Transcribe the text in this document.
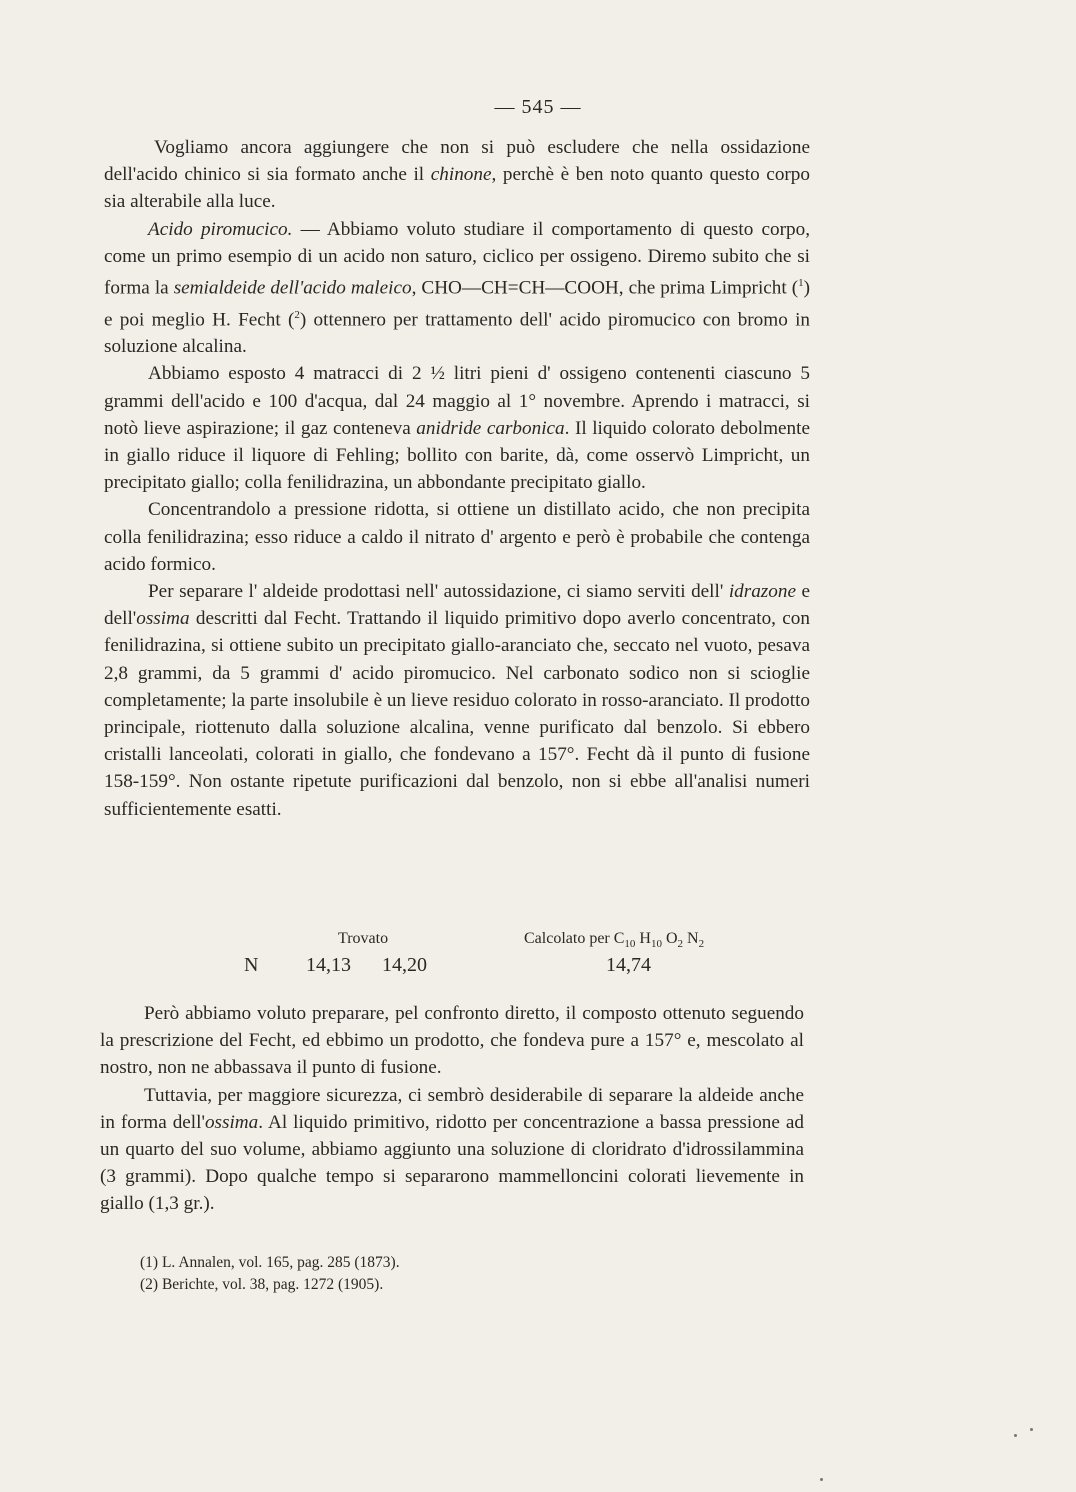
— 545 —

Vogliamo ancora aggiungere che non si può escludere che nella ossidazione dell'acido chinico si sia formato anche il chinone, perchè è ben noto quanto questo corpo sia alterabile alla luce.

Acido piromucico. — Abbiamo voluto studiare il comportamento di questo corpo, come un primo esempio di un acido non saturo, ciclico per ossigeno. Diremo subito che si forma la semialdeide dell'acido maleico, CHO—CH=CH—COOH, che prima Limpricht ($^1$) e poi meglio H. Fecht ($^2$) ottennero per trattamento dell' acido piromucico con bromo in soluzione alcalina.

Abbiamo esposto 4 matracci di 2 ½ litri pieni d' ossigeno contenenti ciascuno 5 grammi dell'acido e 100 d'acqua, dal 24 maggio al 1° novembre. Aprendo i matracci, si notò lieve aspirazione; il gaz conteneva anidride carbonica. Il liquido colorato debolmente in giallo riduce il liquore di Fehling; bollito con barite, dà, come osservò Limpricht, un precipitato giallo; colla fenilidrazina, un abbondante precipitato giallo.

Concentrandolo a pressione ridotta, si ottiene un distillato acido, che non precipita colla fenilidrazina; esso riduce a caldo il nitrato d' argento e però è probabile che contenga acido formico.

Per separare l' aldeide prodottasi nell' autossidazione, ci siamo serviti dell' idrazone e dell'ossima descritti dal Fecht. Trattando il liquido primitivo dopo averlo concentrato, con fenilidrazina, si ottiene subito un precipitato giallo-aranciato che, seccato nel vuoto, pesava 2,8 grammi, da 5 grammi d' acido piromucico. Nel carbonato sodico non si scioglie completamente; la parte insolubile è un lieve residuo colorato in rosso-aranciato. Il prodotto principale, riottenuto dalla soluzione alcalina, venne purificato dal benzolo. Si ebbero cristalli lanceolati, colorati in giallo, che fondevano a 157°. Fecht dà il punto di fusione 158-159°. Non ostante ripetute purificazioni dal benzolo, non si ebbe all'analisi numeri sufficientemente esatti.

Trovato	Calcolato per $C_{10}$ $H_{10}$ $O_2$ $N_2$
N 14,13 14,20	14,74

Però abbiamo voluto preparare, pel confronto diretto, il composto ottenuto seguendo la prescrizione del Fecht, ed ebbimo un prodotto, che fondeva pure a 157° e, mescolato al nostro, non ne abbassava il punto di fusione.

Tuttavia, per maggiore sicurezza, ci sembrò desiderabile di separare la aldeide anche in forma dell'ossima. Al liquido primitivo, ridotto per concentrazione a bassa pressione ad un quarto del suo volume, abbiamo aggiunto una soluzione di cloridrato d'idrossilammina (3 grammi). Dopo qualche tempo si separarono mammelloncini colorati lievemente in giallo (1,3 gr.).

(1) L. Annalen, vol. 165, pag. 285 (1873).
(2) Berichte, vol. 38, pag. 1272 (1905).
